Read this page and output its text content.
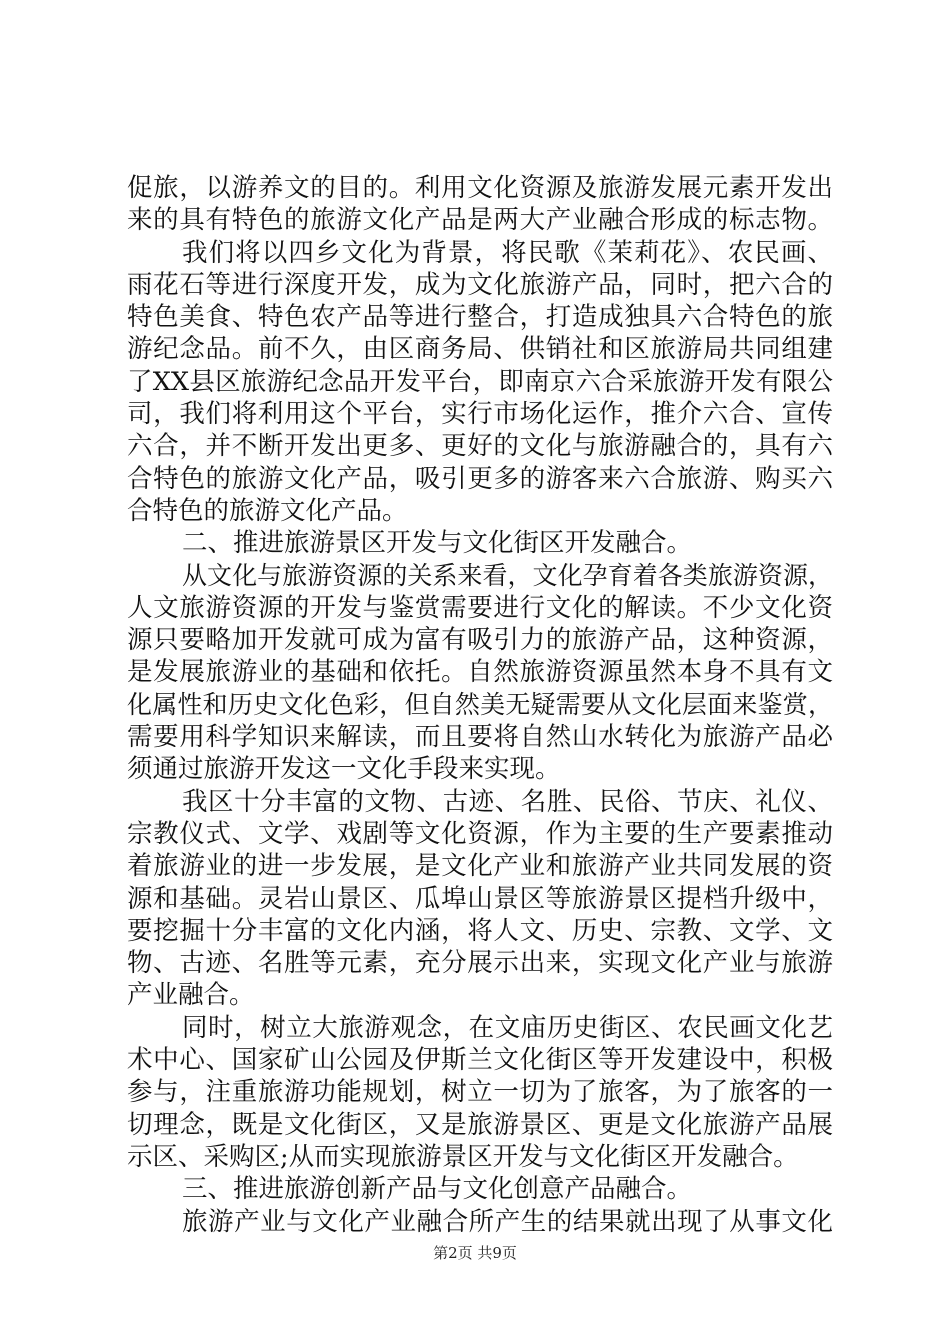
促旅，以游养文的目的。利用文化资源及旅游发展元素开发出
来的具有特色的旅游文化产品是两大产业融合形成的标志物。
我们将以四乡文化为背景，将民歌《茉莉花》、农民画、
雨花石等进行深度开发，成为文化旅游产品，同时，把六合的
特色美食、特色农产品等进行整合，打造成独具六合特色的旅
游纪念品。前不久，由区商务局、供销社和区旅游局共同组建
了XX县区旅游纪念品开发平台，即南京六合采旅游开发有限公
司，我们将利用这个平台，实行市场化运作，推介六合、宣传
六合，并不断开发出更多、更好的文化与旅游融合的，具有六
合特色的旅游文化产品，吸引更多的游客来六合旅游、购买六
合特色的旅游文化产品。
二、推进旅游景区开发与文化街区开发融合。
从文化与旅游资源的关系来看，文化孕育着各类旅游资源，
人文旅游资源的开发与鉴赏需要进行文化的解读。不少文化资
源只要略加开发就可成为富有吸引力的旅游产品，这种资源，
是发展旅游业的基础和依托。自然旅游资源虽然本身不具有文
化属性和历史文化色彩，但自然美无疑需要从文化层面来鉴赏，
需要用科学知识来解读，而且要将自然山水转化为旅游产品必
须通过旅游开发这一文化手段来实现。
我区十分丰富的文物、古迹、名胜、民俗、节庆、礼仪、
宗教仪式、文学、戏剧等文化资源，作为主要的生产要素推动
着旅游业的进一步发展，是文化产业和旅游产业共同发展的资
源和基础。灵岩山景区、瓜埠山景区等旅游景区提档升级中，
要挖掘十分丰富的文化内涵，将人文、历史、宗教、文学、文
物、古迹、名胜等元素，充分展示出来，实现文化产业与旅游
产业融合。
同时，树立大旅游观念，在文庙历史街区、农民画文化艺
术中心、国家矿山公园及伊斯兰文化街区等开发建设中，积极
参与，注重旅游功能规划，树立一切为了旅客，为了旅客的一
切理念，既是文化街区，又是旅游景区、更是文化旅游产品展
示区、采购区;从而实现旅游景区开发与文化街区开发融合。
三、推进旅游创新产品与文化创意产品融合。
旅游产业与文化产业融合所产生的结果就出现了从事文化
第2页 共9页
